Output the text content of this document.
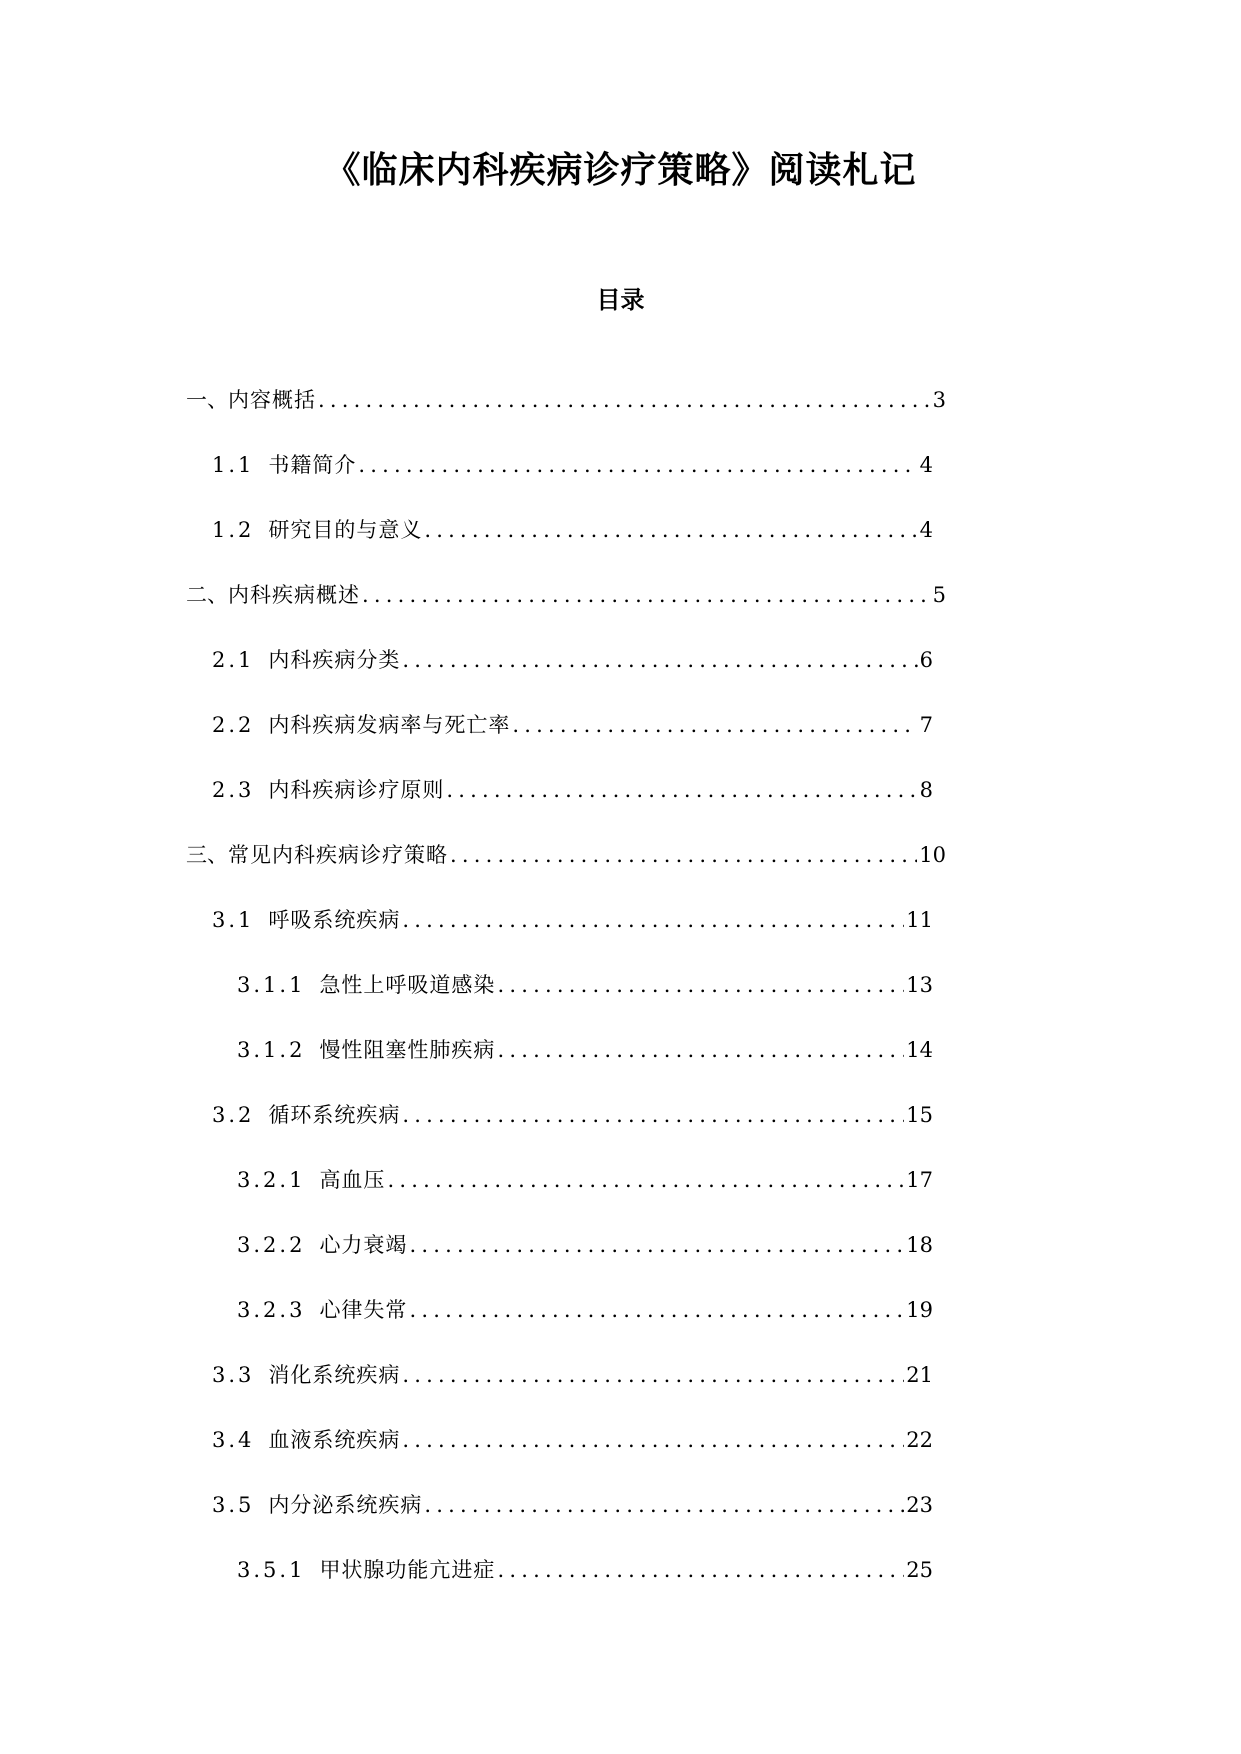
《临床内科疾病诊疗策略》阅读札记
目录
一、 内容概括 .....	3
1.1 书籍简介 .....	4
1.2 研究目的与意义 .....	4
二、 内科疾病概述 .....	5
2.1 内科疾病分类 .....	6
2.2 内科疾病发病率与死亡率 .....	7
2.3 内科疾病诊疗原则 .....	8
三、 常见内科疾病诊疗策略 .....	10
3.1 呼吸系统疾病 .....	11
3.1.1 急性上呼吸道感染 .....	13
3.1.2 慢性阻塞性肺疾病 .....	14
3.2 循环系统疾病 .....	15
3.2.1 高血压 .....	17
3.2.2 心力衰竭 .....	18
3.2.3 心律失常 .....	19
3.3 消化系统疾病 .....	21
3.4 血液系统疾病 .....	22
3.5 内分泌系统疾病 .....	23
3.5.1 甲状腺功能亢进症 .....	25
